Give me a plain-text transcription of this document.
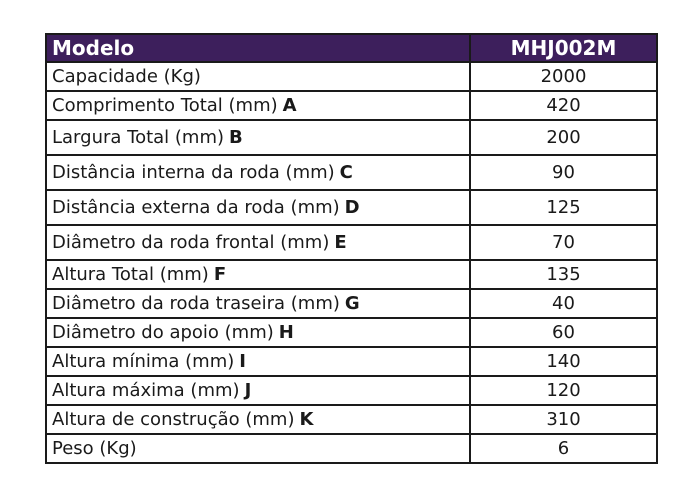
Modelo	MHJ002M
Capacidade (Kg)	2000
Comprimento Total (mm) A	420
Largura Total (mm) B	200
Distância interna da roda (mm) C	90
Distância externa da roda (mm) D	125
Diâmetro da roda frontal (mm) E	70
Altura Total (mm) F	135
Diâmetro da roda traseira (mm) G	40
Diâmetro do apoio (mm) H	60
Altura mínima (mm) I	140
Altura máxima (mm) J	120
Altura de construção (mm) K	310
Peso (Kg)	6
